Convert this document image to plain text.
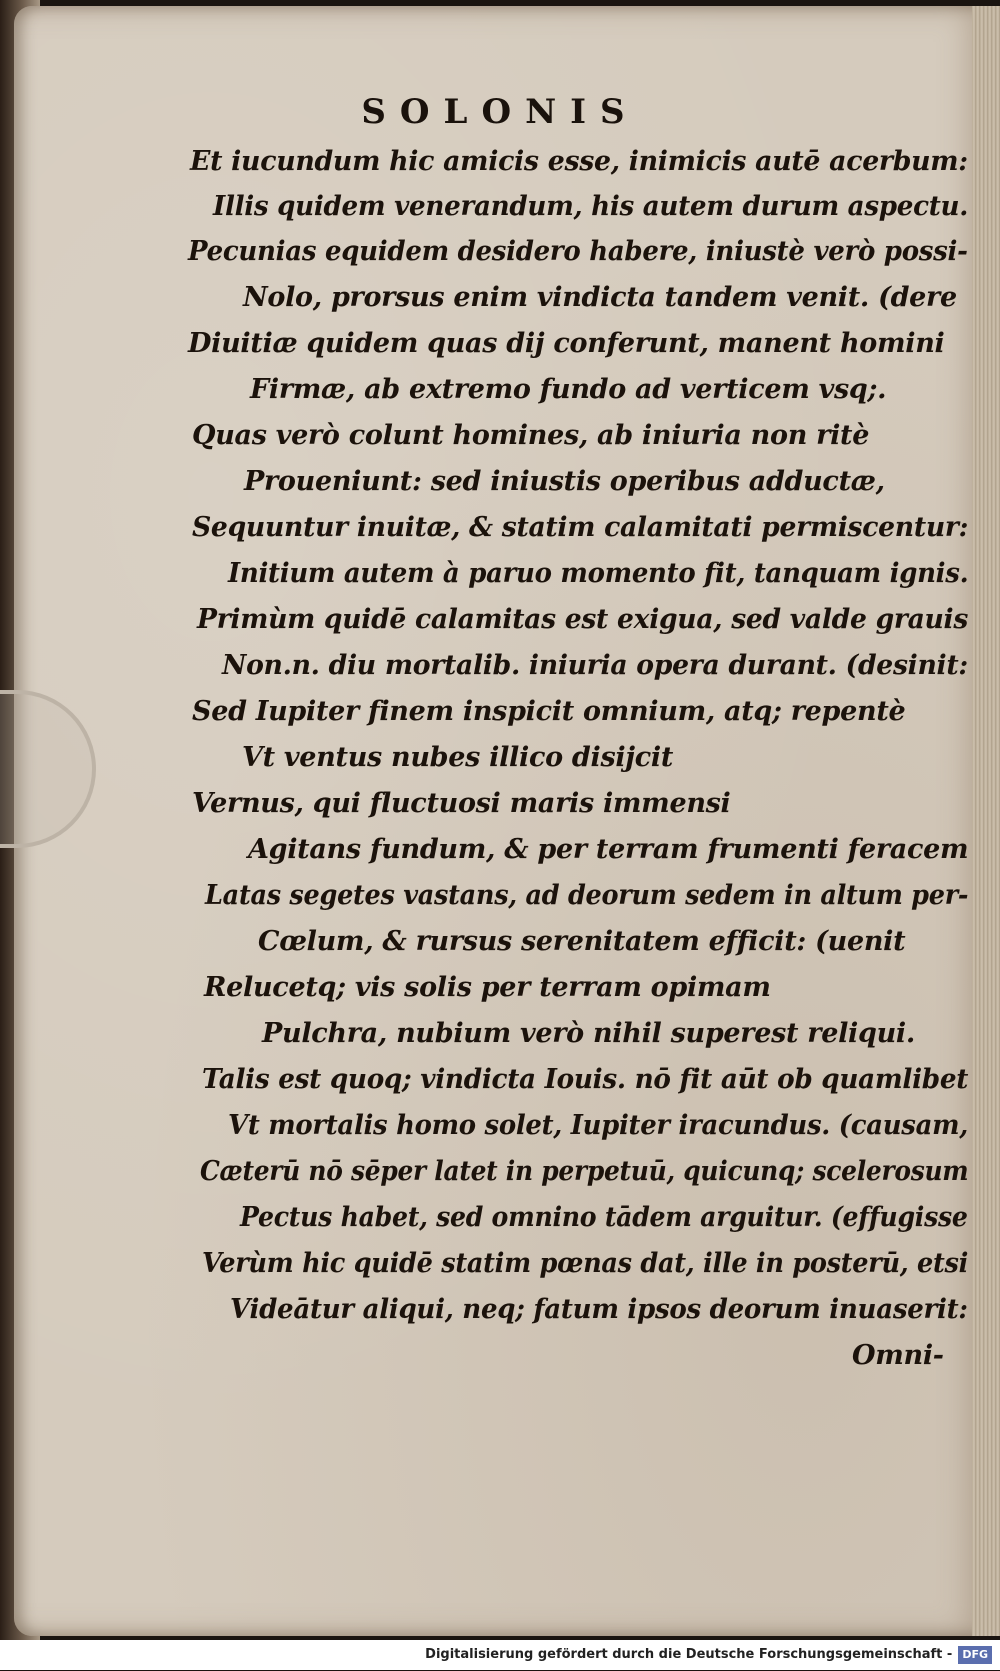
SOLONIS
Et iucundum hic amicis esse, inimicis autē acerbum:
Illis quidem venerandum, his autem durum aspectu.
Pecunias equidem desidero habere, iniustè verò possi-
Nolo, prorsus enim vindicta tandem venit. (dere
Diuitiæ quidem quas dij conferunt, manent homini
Firmæ, ab extremo fundo ad verticem vsq;.
Quas verò colunt homines, ab iniuria non ritè
Proueniunt: sed iniustis operibus adductæ,
Sequuntur inuitæ, & statim calamitati permiscentur:
Initium autem à paruo momento fit, tanquam ignis.
Primùm quidē calamitas est exigua, sed valde grauis
Non.n. diu mortalib. iniuria opera durant. (desinit:
Sed Iupiter finem inspicit omnium, atq; repentè
Vt ventus nubes illico disijcit
Vernus, qui fluctuosi maris immensi
Agitans fundum, & per terram frumenti feracem
Latas segetes vastans, ad deorum sedem in altum per-
Cœlum, & rursus serenitatem efficit: (uenit
Relucetq; vis solis per terram opimam
Pulchra, nubium verò nihil superest reliqui.
Talis est quoq; vindicta Iouis. nō fit aūt ob quamlibet
Vt mortalis homo solet, Iupiter iracundus. (causam,
Cæterū nō sēper latet in perpetuū, quicunq; scelerosum
Pectus habet, sed omnino tādem arguitur. (effugisse
Verùm hic quidē statim pœnas dat, ille in posterū, etsi
Videātur aliqui, neq; fatum ipsos deorum inuaserit:
Omni-
Digitalisierung gefördert durch die Deutsche Forschungsgemeinschaft - DFG
